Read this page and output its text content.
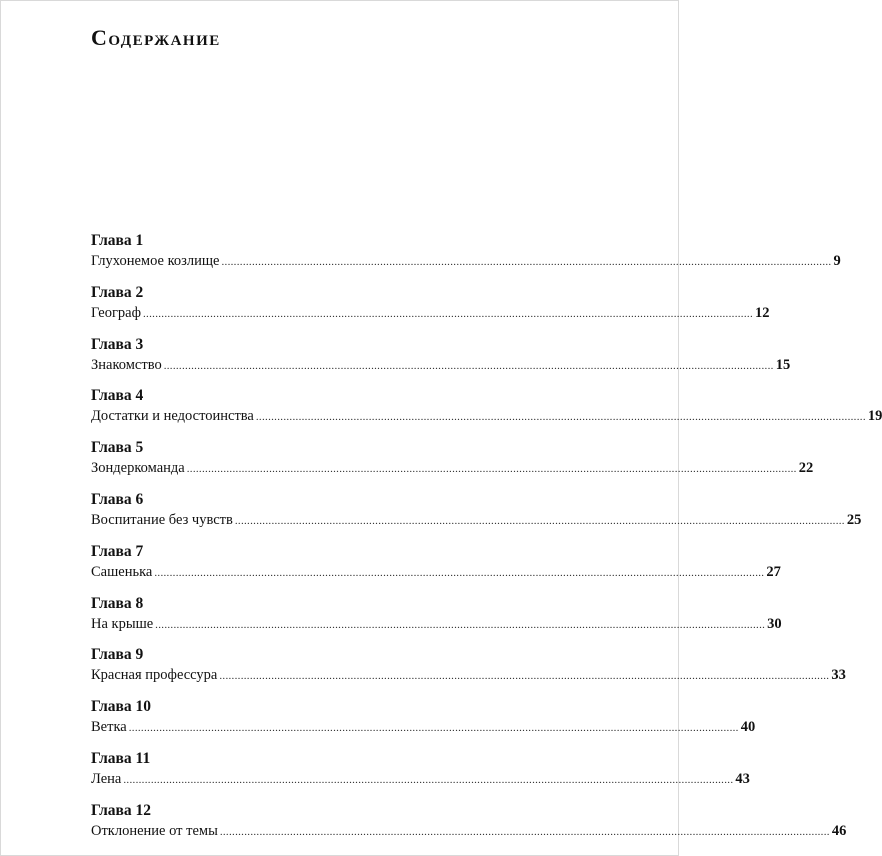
Содержание
Глава 1
Глухонемое козлище ........................................................................................................................................................................................................ 9
Глава 2
Географ ........................................................................................................................................................................................................ 12
Глава 3
Знакомство ........................................................................................................................................................................................................ 15
Глава 4
Достатки и недостоинства ........................................................................................................................................................................................................ 19
Глава 5
Зондеркоманда ........................................................................................................................................................................................................ 22
Глава 6
Воспитание без чувств ........................................................................................................................................................................................................ 25
Глава 7
Сашенька ........................................................................................................................................................................................................ 27
Глава 8
На крыше ........................................................................................................................................................................................................ 30
Глава 9
Красная профессура ........................................................................................................................................................................................................ 33
Глава 10
Ветка ........................................................................................................................................................................................................ 40
Глава 11
Лена ........................................................................................................................................................................................................ 43
Глава 12
Отклонение от темы ........................................................................................................................................................................................................ 46
